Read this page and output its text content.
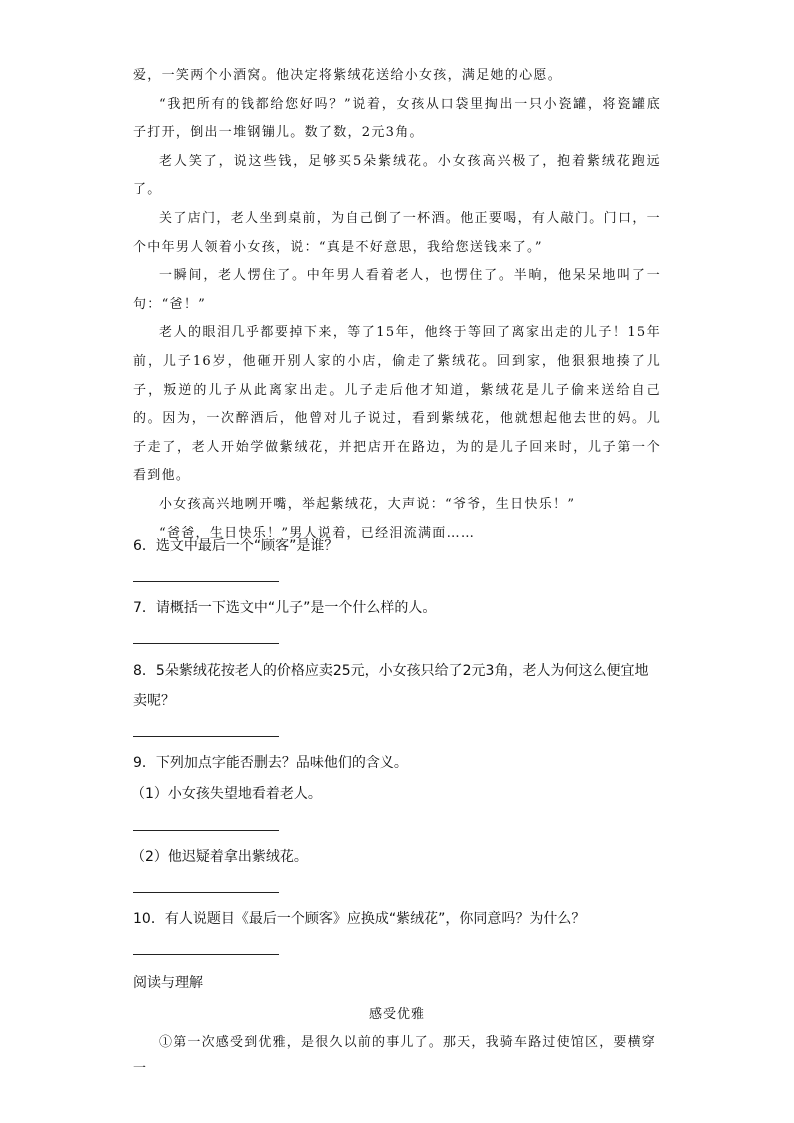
爱，一笑两个小酒窝。他决定将紫绒花送给小女孩，满足她的心愿。

“我把所有的钱都给您好吗？”说着，女孩从口袋里掏出一只小瓷罐，将瓷罐底子打开，倒出一堆钢镚儿。数了数，2元3角。

老人笑了，说这些钱，足够买5朵紫绒花。小女孩高兴极了，抱着紫绒花跑远了。

关了店门，老人坐到桌前，为自己倒了一杯酒。他正要喝，有人敲门。门口，一个中年男人领着小女孩，说：“真是不好意思，我给您送钱来了。”

一瞬间，老人愣住了。中年男人看着老人，也愣住了。半晌，他呆呆地叫了一句：“爸！”

老人的眼泪几乎都要掉下来，等了15年，他终于等回了离家出走的儿子！15年前，儿子16岁，他砸开别人家的小店，偷走了紫绒花。回到家，他狠狠地揍了儿子，叛逆的儿子从此离家出走。儿子走后他才知道，紫绒花是儿子偷来送给自己的。因为，一次醉酒后，他曾对儿子说过，看到紫绒花，他就想起他去世的妈。儿子走了，老人开始学做紫绒花，并把店开在路边，为的是儿子回来时，儿子第一个看到他。

小女孩高兴地咧开嘴，举起紫绒花，大声说：“爷爷，生日快乐！”

“爸爸，生日快乐！”男人说着，已经泪流满面……

6．选文中最后一个“顾客”是谁？

7．请概括一下选文中“儿子”是一个什么样的人。

8．5朵紫绒花按老人的价格应卖25元，小女孩只给了2元3角，老人为何这么便宜地卖呢？

9．下列加点字能否删去？品味他们的含义。

（1）小女孩失望地看着老人。

（2）他迟疑着拿出紫绒花。

10．有人说题目《最后一个顾客》应换成“紫绒花”，你同意吗？为什么？

阅读与理解

感受优雅

①第一次感受到优雅，是很久以前的事儿了。那天，我骑车路过使馆区，要横穿一
